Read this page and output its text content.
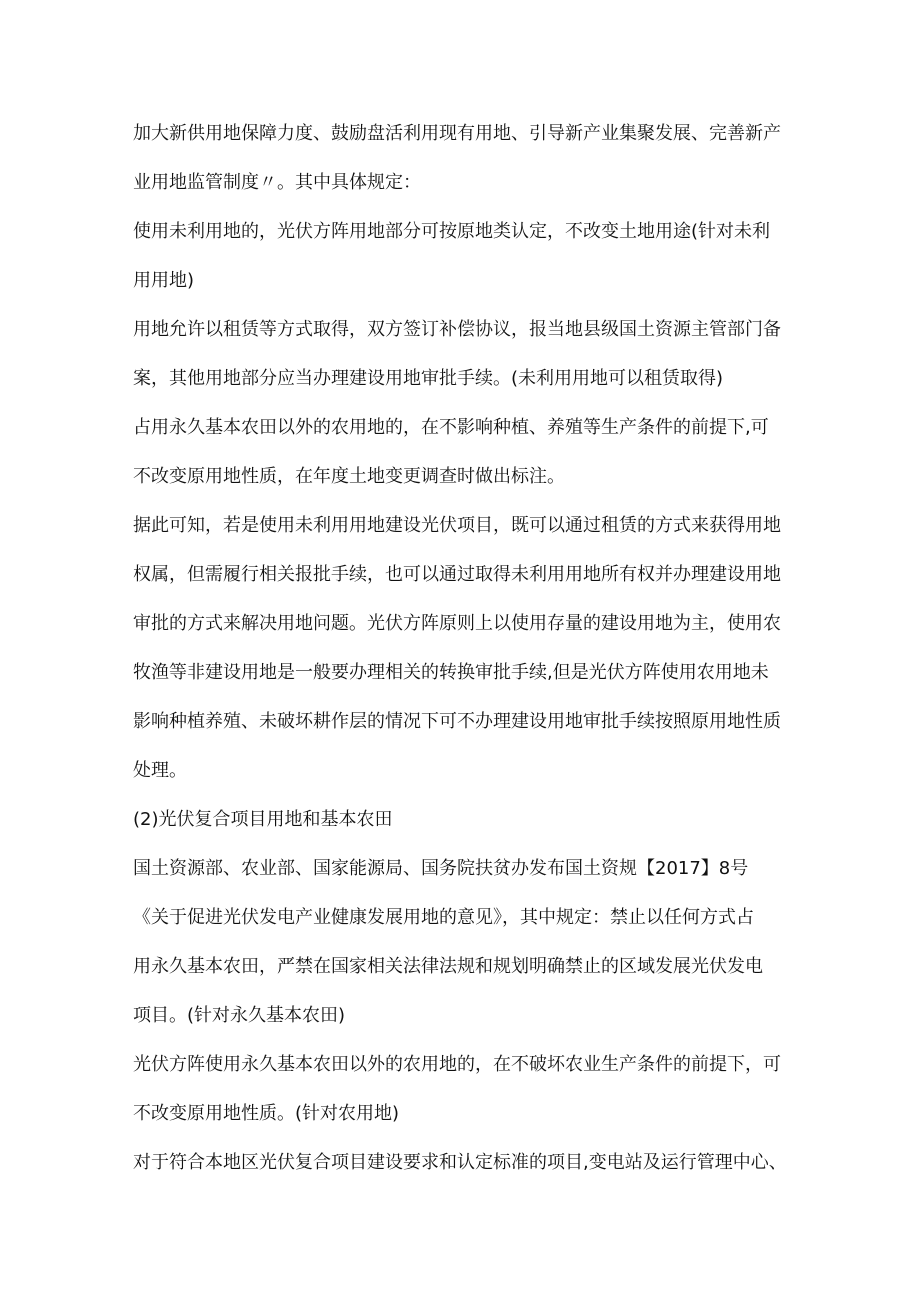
加大新供用地保障力度、鼓励盘活利用现有用地、引导新产业集聚发展、完善新产
业用地监管制度〃。其中具体规定：
使用未利用地的，光伏方阵用地部分可按原地类认定，不改变土地用途(针对未利
用用地)
用地允许以租赁等方式取得，双方签订补偿协议，报当地县级国土资源主管部门备
案，其他用地部分应当办理建设用地审批手续。(未利用用地可以租赁取得)
占用永久基本农田以外的农用地的，在不影响种植、养殖等生产条件的前提下,可
不改变原用地性质，在年度土地变更调查时做出标注。
据此可知，若是使用未利用用地建设光伏项目，既可以通过租赁的方式来获得用地
权属，但需履行相关报批手续，也可以通过取得未利用用地所有权并办理建设用地
审批的方式来解决用地问题。光伏方阵原则上以使用存量的建设用地为主，使用农
牧渔等非建设用地是一般要办理相关的转换审批手续,但是光伏方阵使用农用地未
影响种植养殖、未破坏耕作层的情况下可不办理建设用地审批手续按照原用地性质
处理。
(2)光伏复合项目用地和基本农田
国土资源部、农业部、国家能源局、国务院扶贫办发布国土资规【2017】8号
《关于促进光伏发电产业健康发展用地的意见》，其中规定：禁止以任何方式占
用永久基本农田，严禁在国家相关法律法规和规划明确禁止的区域发展光伏发电
项目。(针对永久基本农田)
光伏方阵使用永久基本农田以外的农用地的，在不破坏农业生产条件的前提下，可
不改变原用地性质。(针对农用地)
对于符合本地区光伏复合项目建设要求和认定标准的项目,变电站及运行管理中心、
